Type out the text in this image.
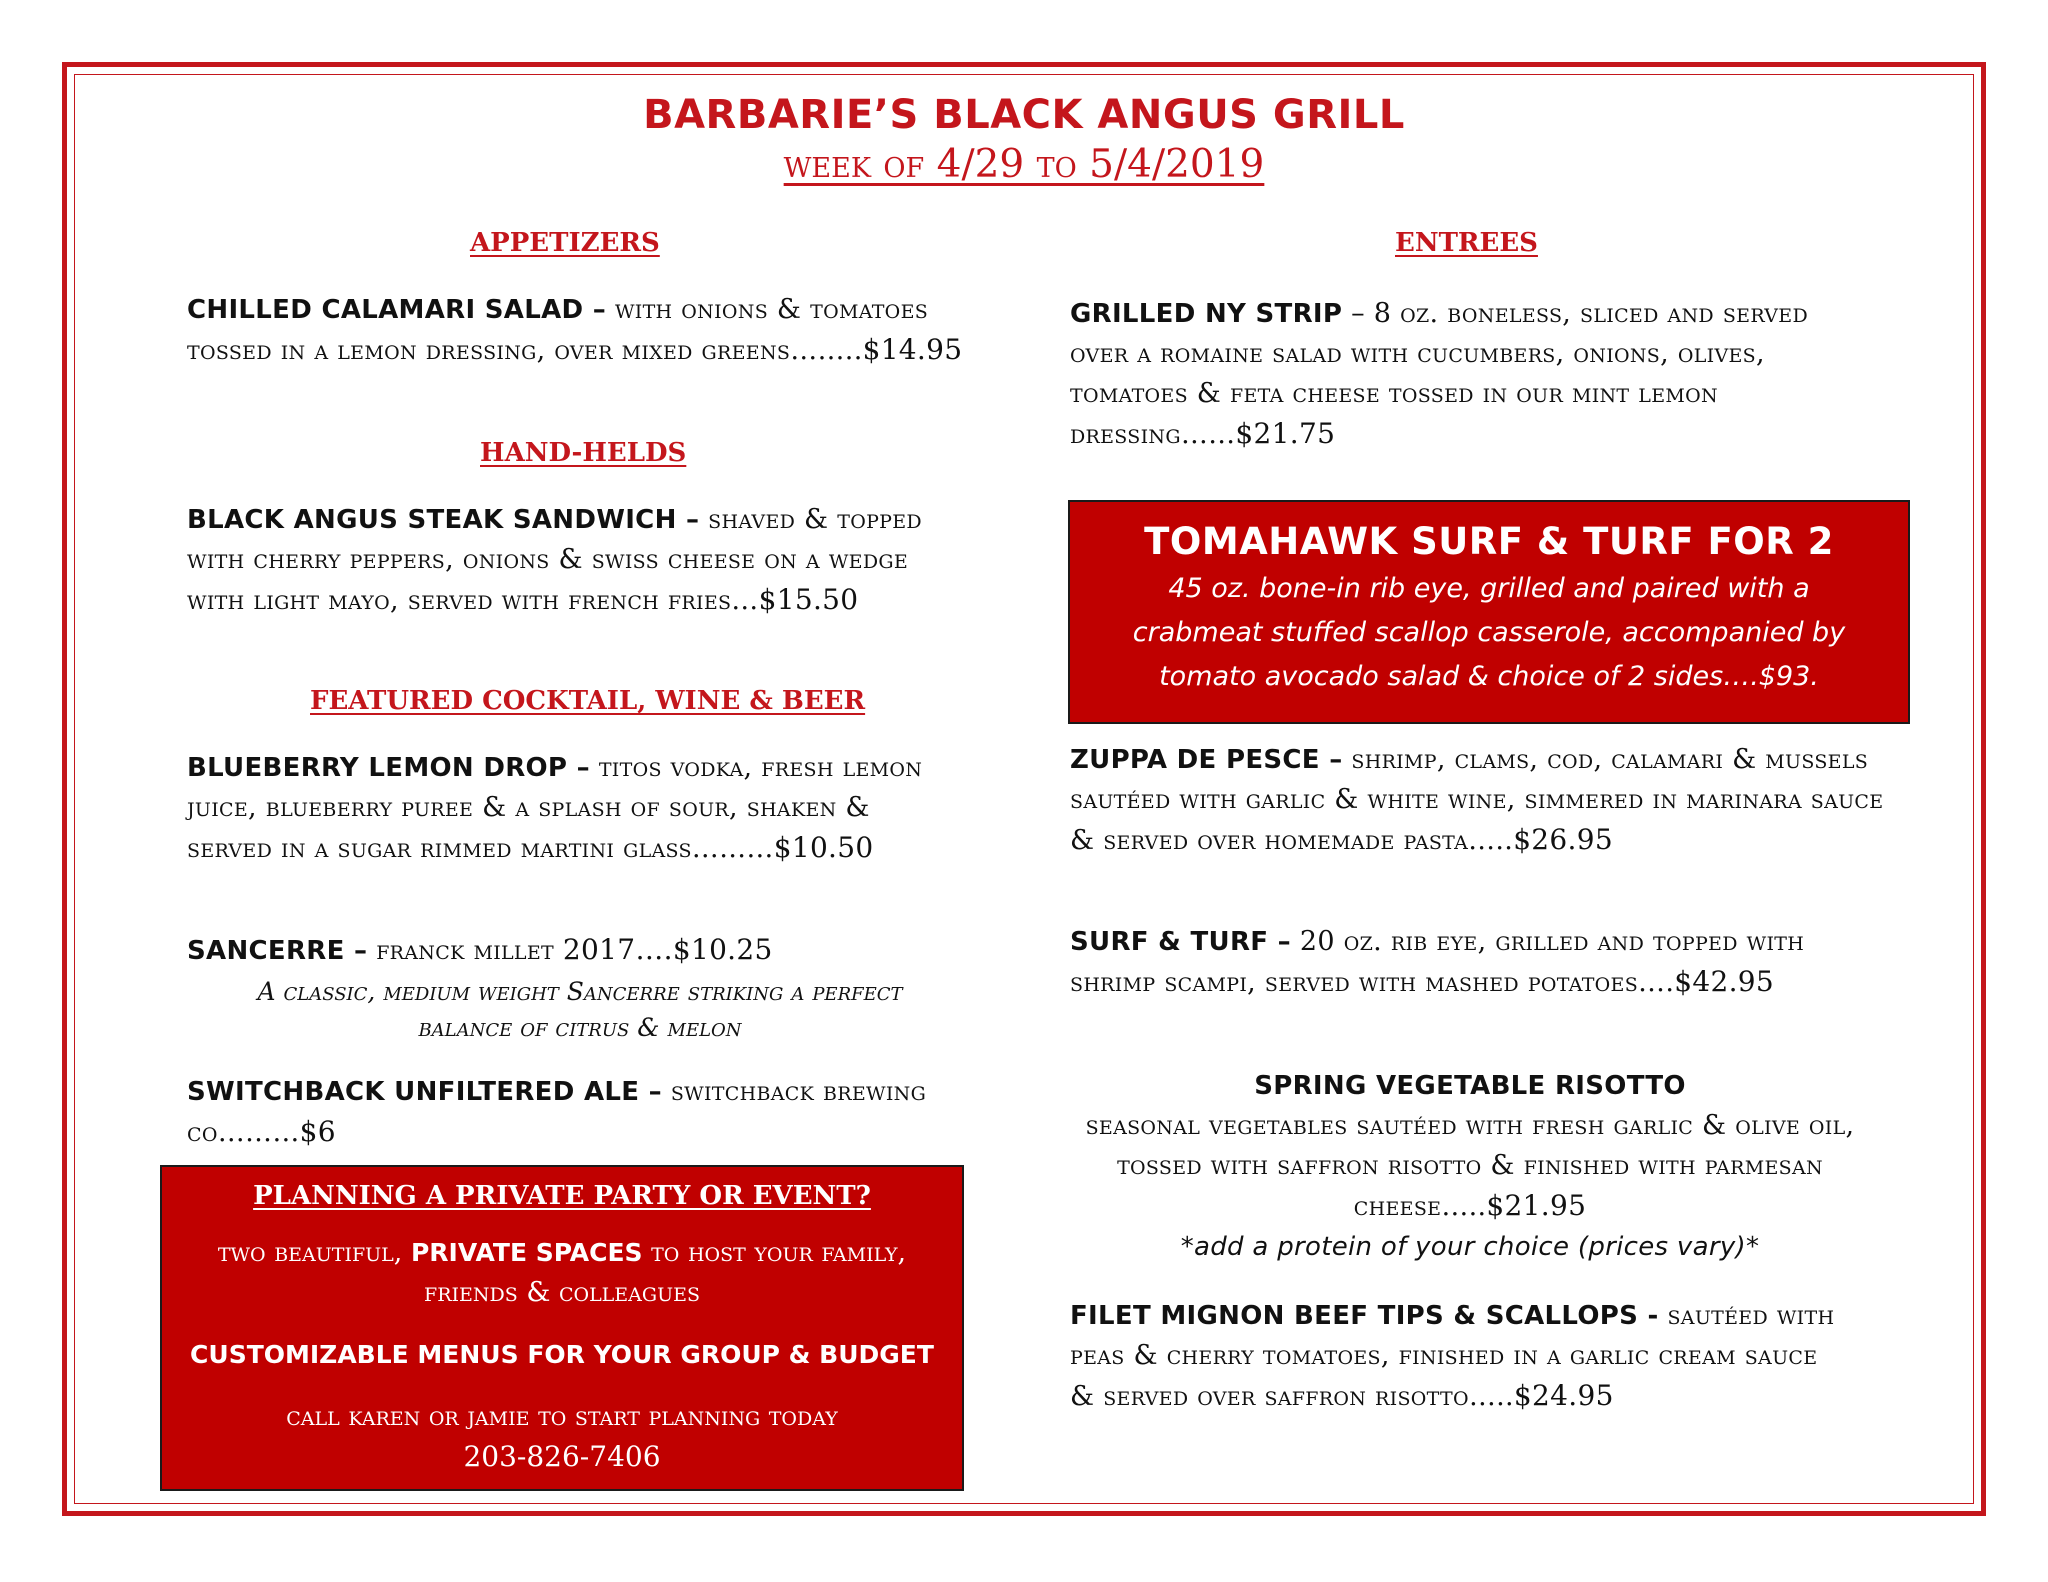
BARBARIE’S BLACK ANGUS GRILL
week of 4/29 to 5/4/2019
APPETIZERS
CHILLED CALAMARI SALAD – with onions & tomatoes tossed in a lemon dressing, over mixed greens……..$14.95
HAND-HELDS
BLACK ANGUS STEAK SANDWICH – shaved & topped with cherry peppers, onions & swiss cheese on a wedge with light mayo, served with french fries…$15.50
FEATURED COCKTAIL, WINE & BEER
BLUEBERRY LEMON DROP – titos vodka, fresh lemon juice, blueberry puree & a splash of sour, shaken & served in a sugar rimmed martini glass………$10.50
SANCERRE – franck millet 2017….$10.25
A classic, medium weight Sancerre striking a perfect balance of citrus & melon
SWITCHBACK UNFILTERED ALE – switchback brewing co………$6
PLANNING A PRIVATE PARTY OR EVENT?
two beautiful, PRIVATE SPACES to host your family, friends & colleagues
CUSTOMIZABLE MENUS FOR YOUR GROUP & BUDGET
call karen or jamie to start planning today
203-826-7406
ENTREES
GRILLED NY STRIP – 8 oz. boneless, sliced and served over a romaine salad with cucumbers, onions, olives, tomatoes & feta cheese tossed in our mint lemon dressing……$21.75
TOMAHAWK SURF & TURF FOR 2
45 oz. bone-in rib eye, grilled and paired with a crabmeat stuffed scallop casserole, accompanied by tomato avocado salad & choice of 2 sides….$93.
ZUPPA DE PESCE – shrimp, clams, cod, calamari & mussels sautéed with garlic & white wine, simmered in marinara sauce & served over homemade pasta…..$26.95
SURF & TURF – 20 oz. rib eye, grilled and topped with shrimp scampi, served with mashed potatoes….$42.95
SPRING VEGETABLE RISOTTO
seasonal vegetables sautéed with fresh garlic & olive oil, tossed with saffron risotto & finished with parmesan cheese…..$21.95
*add a protein of your choice (prices vary)*
FILET MIGNON BEEF TIPS & SCALLOPS - sautéed with peas & cherry tomatoes, finished in a garlic cream sauce & served over saffron risotto…..$24.95
